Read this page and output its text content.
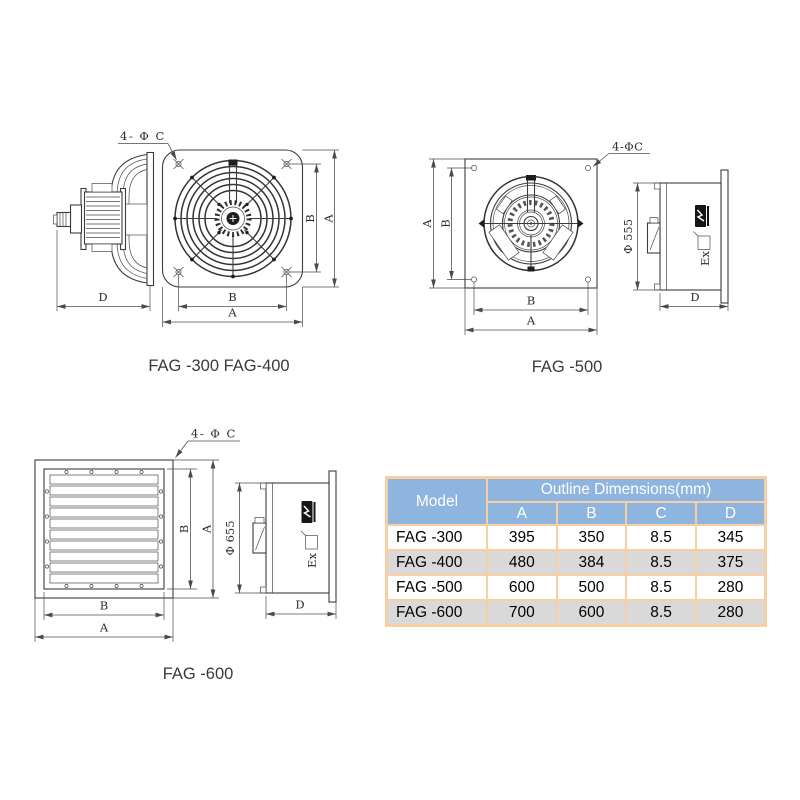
D
4- Φ C
B A
B
A
FAG -300 FAG-400
4-ΦC
A B
B
A
Ex
Φ 555
D
FAG -500
4- Φ C
B A
B
A
Ex
Φ 655
D
FAG -600
Model	Outline Dimensions(mm)			
	A	B	C	D
FAG -300	395	350	8.5	345
FAG -400	480	384	8.5	375
FAG -500	600	500	8.5	280
FAG -600	700	600	8.5	280
